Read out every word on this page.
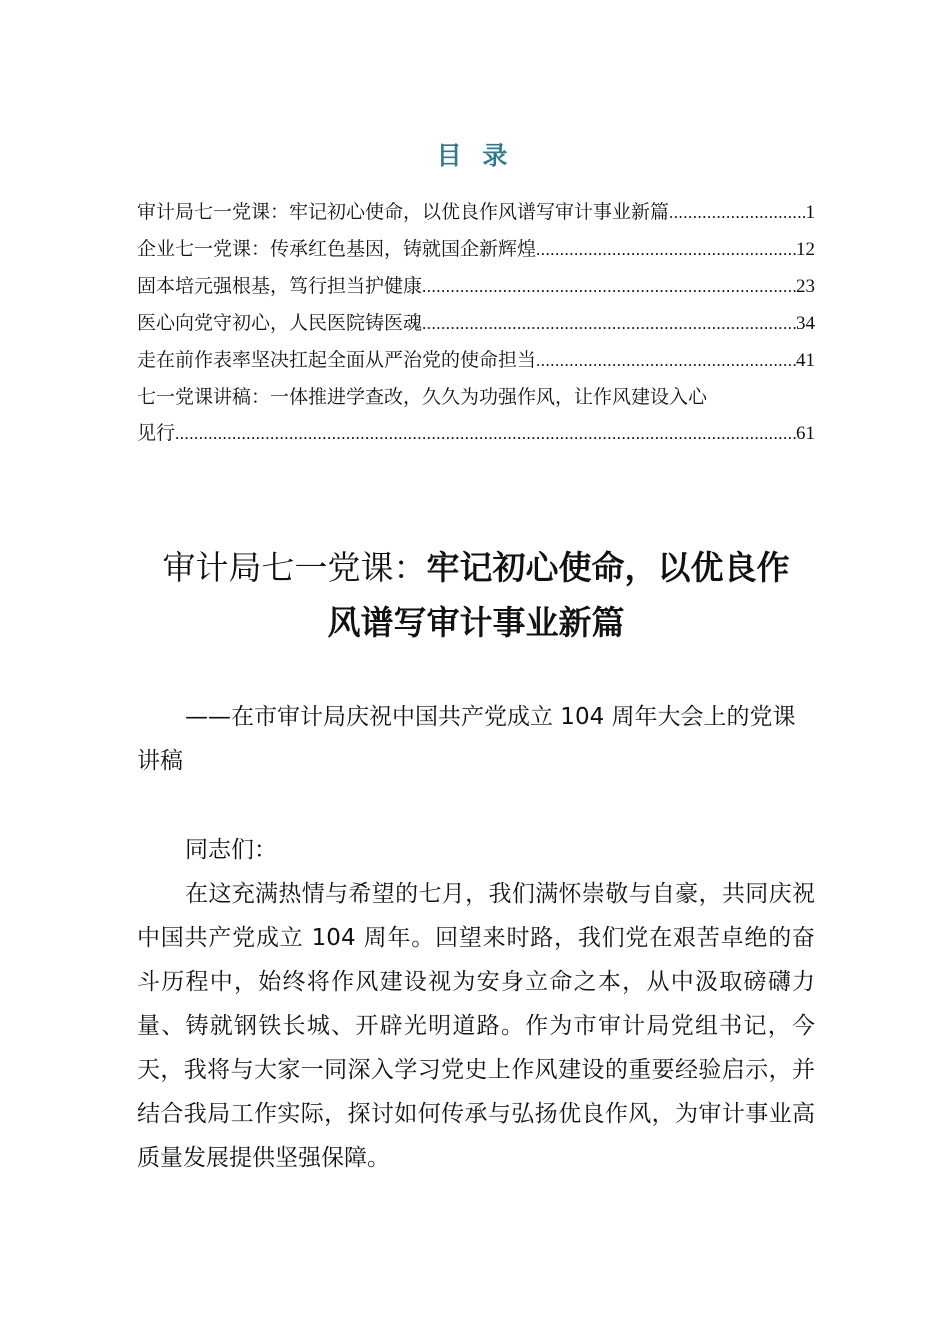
目 录
审计局七一党课：牢记初心使命，以优良作风谱写审计事业新篇 .....	1
企业七一党课：传承红色基因，铸就国企新辉煌 .....	12
固本培元强根基，笃行担当护健康 .....	23
医心向党守初心，人民医院铸医魂 .....	34
走在前作表率坚决扛起全面从严治党的使命担当 .....	41
七一党课讲稿：一体推进学查改，久久为功强作风，让作风建设入心
见行 .....	61
审计局七一党课：牢记初心使命，以优良作
风谱写审计事业新篇
——在市审计局庆祝中国共产党成立 104 周年大会上的党课讲稿

同志们：

在这充满热情与希望的七月，我们满怀崇敬与自豪，共同庆祝中国共产党成立 104 周年。回望来时路，我们党在艰苦卓绝的奋斗历程中，始终将作风建设视为安身立命之本，从中汲取磅礴力量、铸就钢铁长城、开辟光明道路。作为市审计局党组书记，今天，我将与大家一同深入学习党史上作风建设的重要经验启示，并结合我局工作实际，探讨如何传承与弘扬优良作风，为审计事业高质量发展提供坚强保障。
